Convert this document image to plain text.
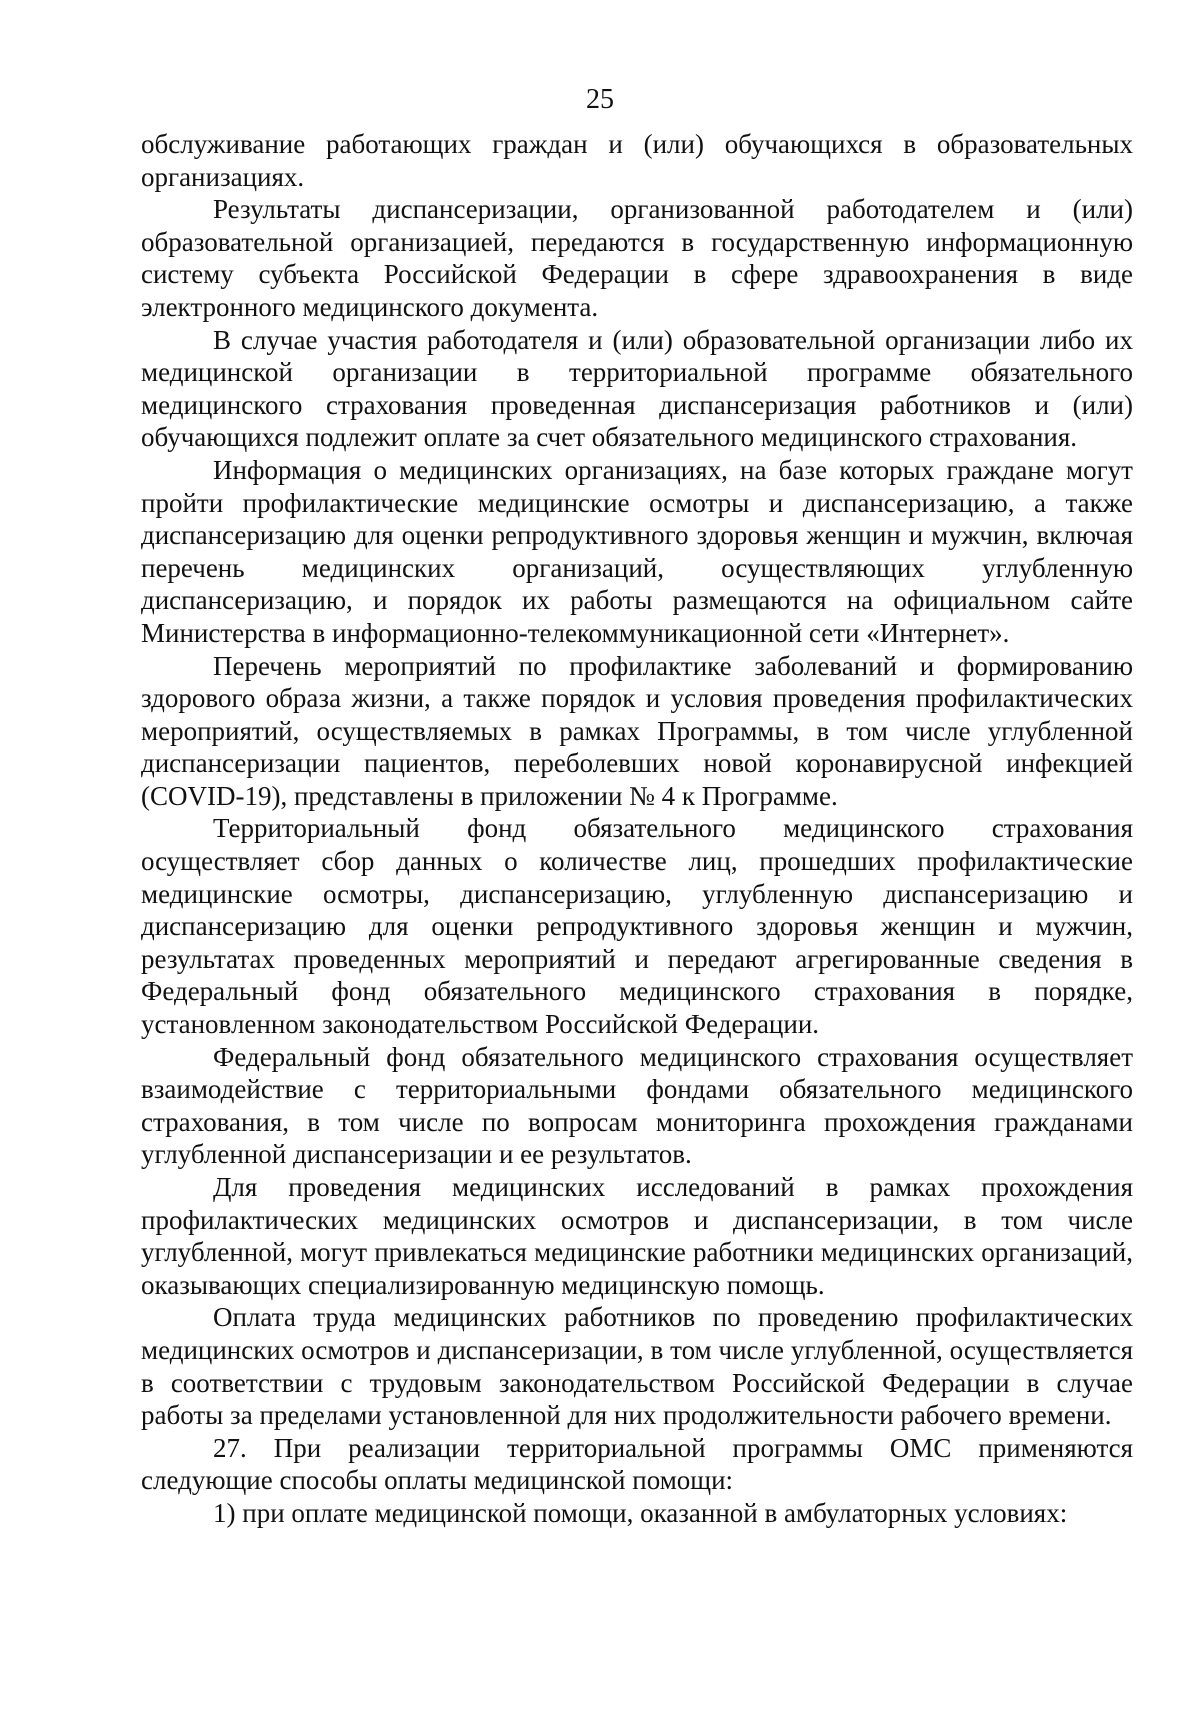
25

обслуживание работающих граждан и (или) обучающихся в образовательных организациях.

Результаты диспансеризации, организованной работодателем и (или) образовательной организацией, передаются в государственную информационную систему субъекта Российской Федерации в сфере здравоохранения в виде электронного медицинского документа.

В случае участия работодателя и (или) образовательной организации либо их медицинской организации в территориальной программе обязательного медицинского страхования проведенная диспансеризация работников и (или) обучающихся подлежит оплате за счет обязательного медицинского страхования.

Информация о медицинских организациях, на базе которых граждане могут пройти профилактические медицинские осмотры и диспансеризацию, а также диспансеризацию для оценки репродуктивного здоровья женщин и мужчин, включая перечень медицинских организаций, осуществляющих углубленную диспансеризацию, и порядок их работы размещаются на официальном сайте Министерства в информационно-телекоммуникационной сети «Интернет».

Перечень мероприятий по профилактике заболеваний и формированию здорового образа жизни, а также порядок и условия проведения профилактических мероприятий, осуществляемых в рамках Программы, в том числе углубленной диспансеризации пациентов, переболевших новой коронавирусной инфекцией (COVID-19), представлены в приложении № 4 к Программе.

Территориальный фонд обязательного медицинского страхования осуществляет сбор данных о количестве лиц, прошедших профилактические медицинские осмотры, диспансеризацию, углубленную диспансеризацию и диспансеризацию для оценки репродуктивного здоровья женщин и мужчин, результатах проведенных мероприятий и передают агрегированные сведения в Федеральный фонд обязательного медицинского страхования в порядке, установленном законодательством Российской Федерации.

Федеральный фонд обязательного медицинского страхования осуществляет взаимодействие с территориальными фондами обязательного медицинского страхования, в том числе по вопросам мониторинга прохождения гражданами углубленной диспансеризации и ее результатов.

Для проведения медицинских исследований в рамках прохождения профилактических медицинских осмотров и диспансеризации, в том числе углубленной, могут привлекаться медицинские работники медицинских организаций, оказывающих специализированную медицинскую помощь.

Оплата труда медицинских работников по проведению профилактических медицинских осмотров и диспансеризации, в том числе углубленной, осуществляется в соответствии с трудовым законодательством Российской Федерации в случае работы за пределами установленной для них продолжительности рабочего времени.

27. При реализации территориальной программы ОМС применяются следующие способы оплаты медицинской помощи:

1) при оплате медицинской помощи, оказанной в амбулаторных условиях:
